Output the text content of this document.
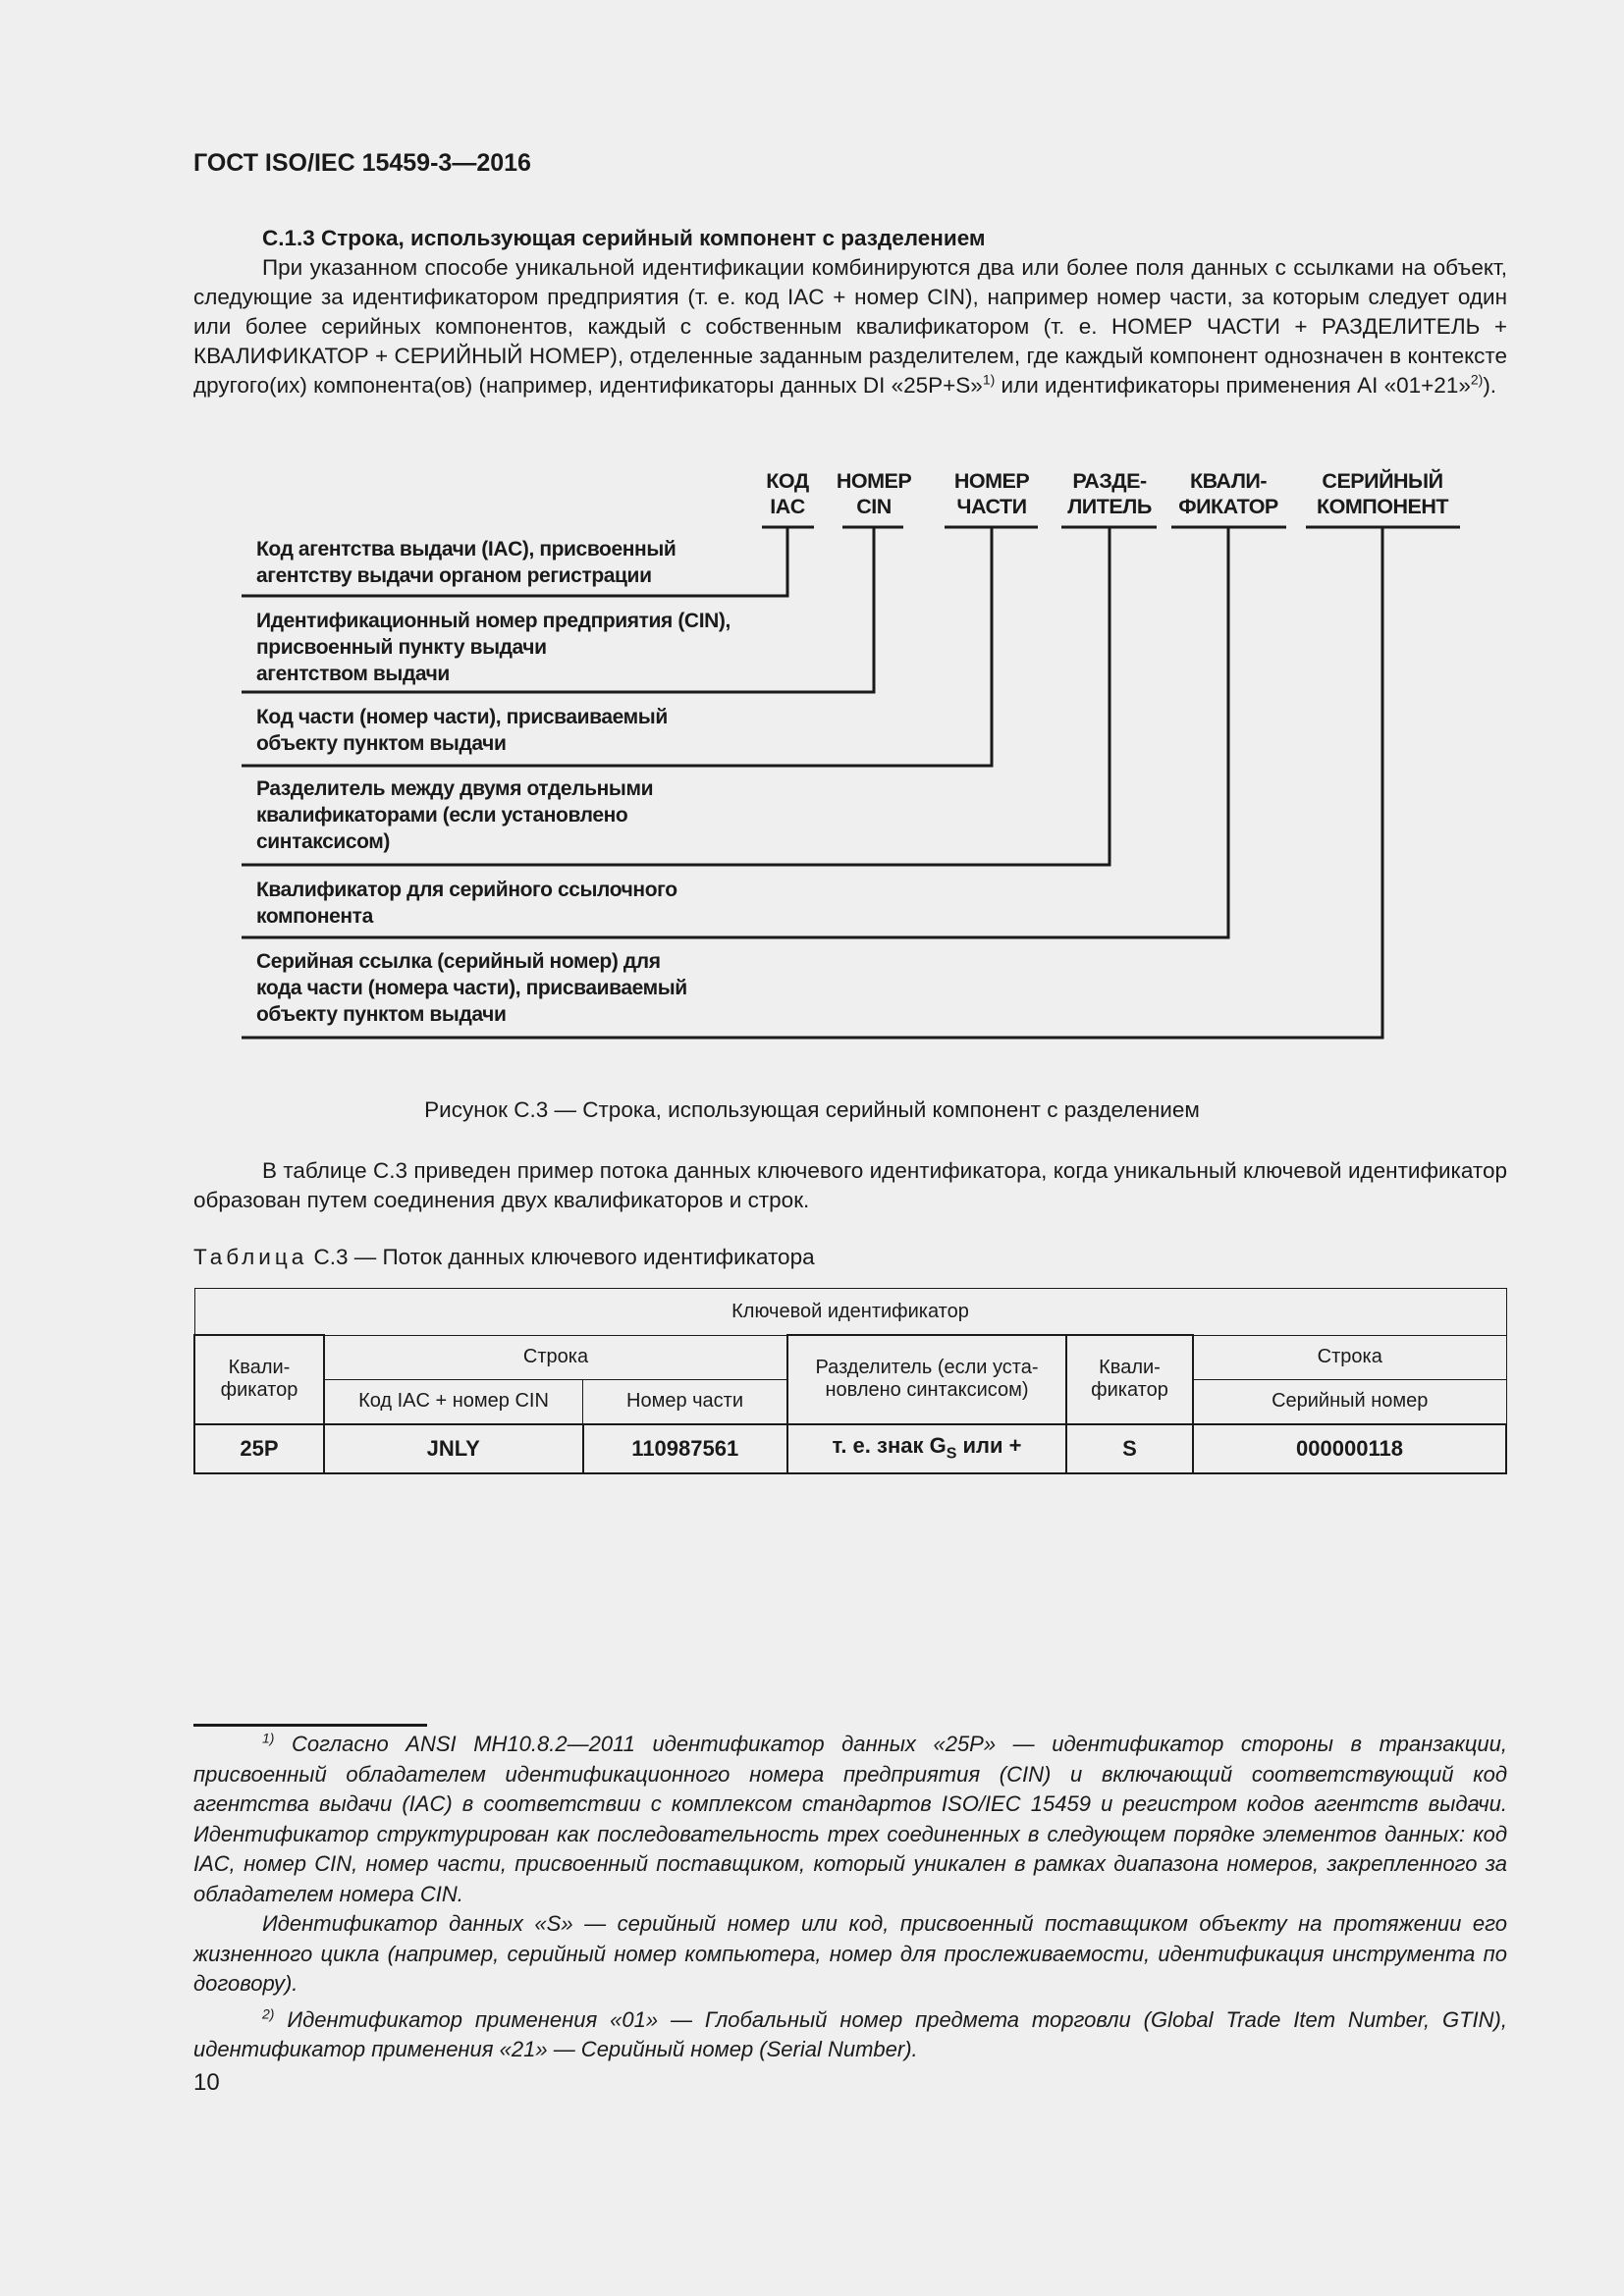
ГОСТ ISO/IEC 15459-3—2016
С.1.3 Строка, использующая серийный компонент с разделением

При указанном способе уникальной идентификации комбинируются два или более поля данных с ссылками на объект, следующие за идентификатором предприятия (т. е. код IAC + номер CIN), например номер части, за которым следует один или более серийных компонентов, каждый с собственным квалификатором (т. е. НОМЕР ЧАСТИ + РАЗДЕЛИТЕЛЬ + КВАЛИФИКАТОР + СЕРИЙНЫЙ НОМЕР), отделенные заданным разделителем, где каждый компонент однозначен в контексте другого(их) компонента(ов) (например, идентификаторы данных DI «25P+S»$^{1)}$ или идентификаторы применения AI «01+21»$^{2)}$).

КОД
IAC
НОМЕР
CIN
НОМЕР
ЧАСТИ
РАЗДЕ-
ЛИТЕЛЬ
КВАЛИ-
ФИКАТОР
СЕРИЙНЫЙ
КОМПОНЕНТ
Код агентства выдачи (IAC), присвоенный
агентству выдачи органом регистрации
Идентификационный номер предприятия (CIN),
присвоенный пункту выдачи
агентством выдачи
Код части (номер части), присваиваемый
объекту пунктом выдачи
Разделитель между двумя отдельными
квалификаторами (если установлено
синтаксисом)
Квалификатор для серийного ссылочного
компонента
Серийная ссылка (серийный номер) для
кода части (номера части), присваиваемый
объекту пунктом выдачи
Рисунок С.3 — Строка, использующая серийный компонент с разделением

В таблице С.3 приведен пример потока данных ключевого идентификатора, когда уникальный ключевой идентификатор образован путем соединения двух квалификаторов и строк.

Таблица С.3 — Поток данных ключевого идентификатора
Ключевой идентификатор					
Квали-фикатор	Строка		Разделитель (если уста-новлено синтаксисом)	Квали-фикатор	Строка
	Код IAC + номер CIN	Номер части			Серийный номер
25P	JNLY	110987561	т. е. знак $G_S$ или +	S	000000118

$^{1)}$ Согласно ANSI MH10.8.2—2011 идентификатор данных «25P» — идентификатор стороны в транзакции, присвоенный обладателем идентификационного номера предприятия (CIN) и включающий соответствующий код агентства выдачи (IAC) в соответствии с комплексом стандартов ISO/IEC 15459 и регистром кодов агентств выдачи. Идентификатор структурирован как последовательность трех соединенных в следующем порядке элементов данных: код IAC, номер CIN, номер части, присвоенный поставщиком, который уникален в рамках диапазона номеров, закрепленного за обладателем номера CIN.

Идентификатор данных «S» — серийный номер или код, присвоенный поставщиком объекту на протяжении его жизненного цикла (например, серийный номер компьютера, номер для прослеживаемости, идентификация инструмента по договору).

$^{2)}$ Идентификатор применения «01» — Глобальный номер предмета торговли (Global Trade Item Number, GTIN), идентификатор применения «21» — Серийный номер (Serial Number).

10
